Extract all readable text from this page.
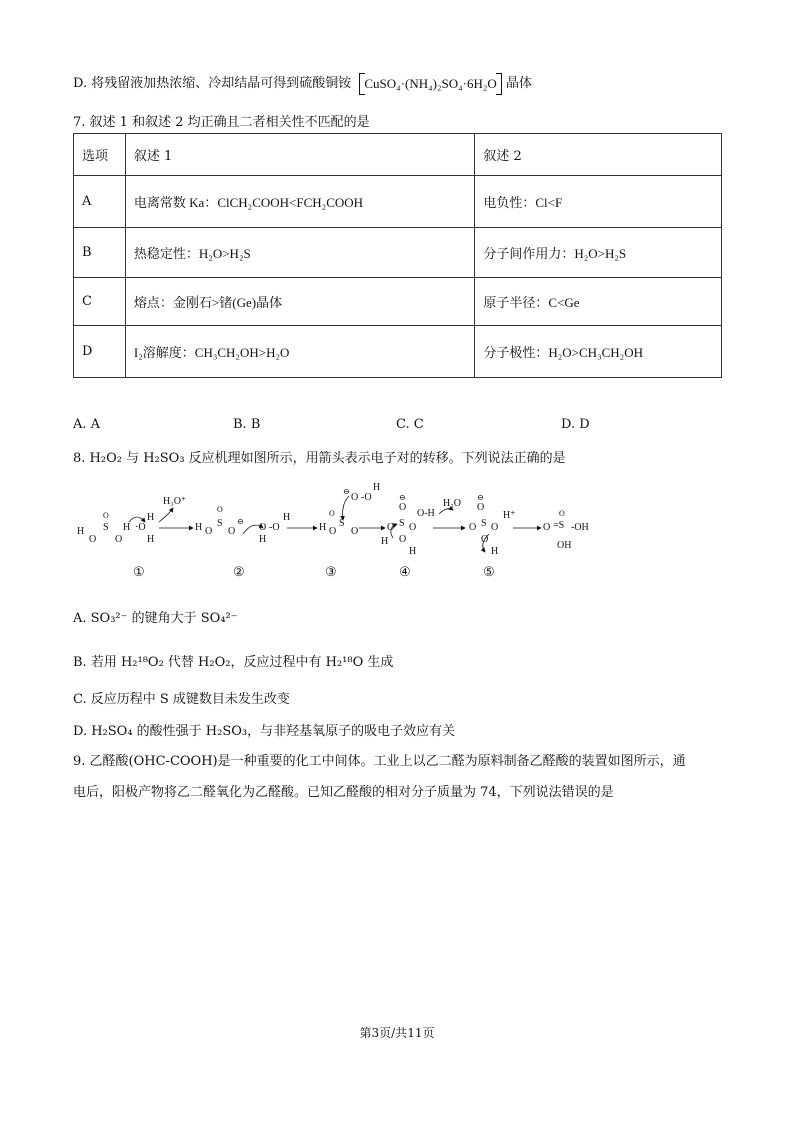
D. 将残留液加热浓缩、冷却结晶可得到硫酸铜铵 CuSO₄·(NH₄)₂SO₄·6H₂O 晶体
7. 叙述 1 和叙述 2 均正确且二者相关性不匹配的是
选项	叙述 1	叙述 2
A	电离常数 Ka：ClCH₂COOH<FCH₂COOH	电负性：Cl<F
B	热稳定性：H₂O>H₂S	分子间作用力：H₂O>H₂S
C	熔点：金刚石>锗(Ge)晶体	原子半径：C<Ge
D	I₂溶解度：CH₃CH₂OH>H₂O	分子极性：H₂O>CH₃CH₂OH
A. A	B. B	C. C	D. D
8. H₂O₂ 与 H₂SO₃ 反应机理如图所示，用箭头表示电子对的转移。下列说法正确的是
H
O
S
O
O
H ·O
H
H
H₃O⁺
H O
S
O
O
⊖
O -O
H
H
H O
O
S
O
⊖
O -O
H
⊖
O
O S O
H O
H
O-H
H₂O
⊖
O
O S O
O
H
H⁺
O =S
O
-OH
OH
①	②	③	④	⑤
A. SO₃²⁻ 的键角大于 SO₄²⁻
B. 若用 H₂¹⁸O₂ 代替 H₂O₂，反应过程中有 H₂¹⁸O 生成
C. 反应历程中 S 成键数目未发生改变
D. H₂SO₄ 的酸性强于 H₂SO₃，与非羟基氧原子的吸电子效应有关
9. 乙醛酸(OHC-COOH)是一种重要的化工中间体。工业上以乙二醛为原料制备乙醛酸的装置如图所示，通
电后，阳极产物将乙二醛氧化为乙醛酸。已知乙醛酸的相对分子质量为 74，下列说法错误的是
第3页/共11页
